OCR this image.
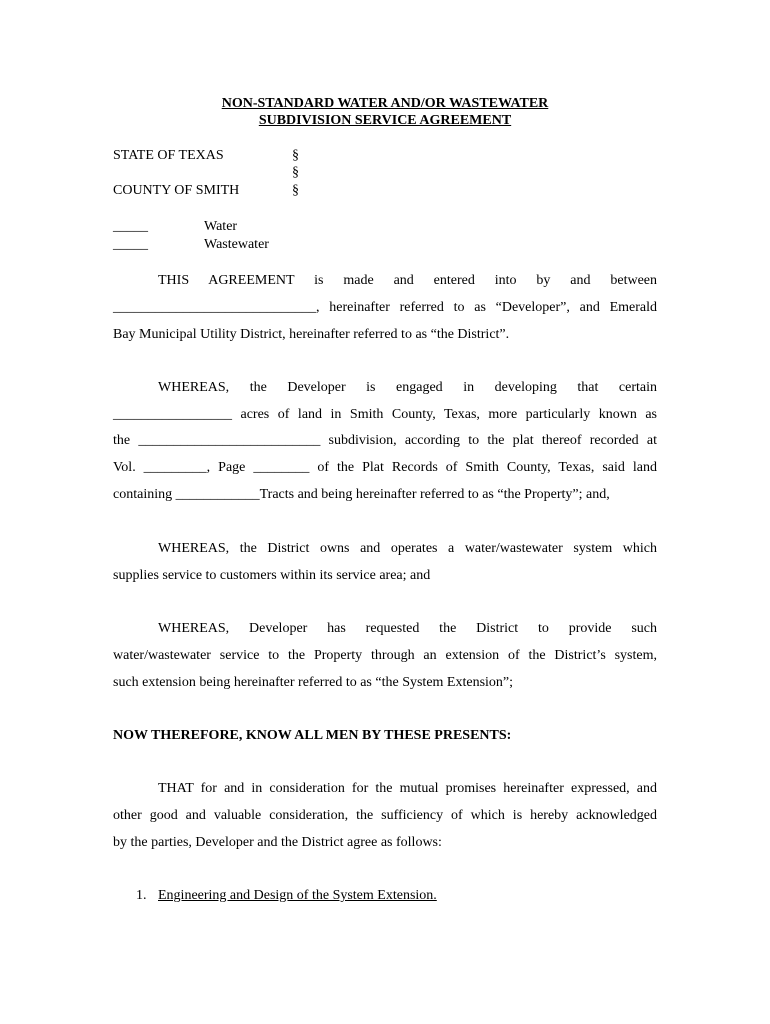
NON-STANDARD WATER AND/OR WASTEWATER
SUBDIVISION SERVICE AGREEMENT
STATE OF TEXAS	§
§
COUNTY OF SMITH	§
_____	Water
_____	Wastewater
THIS AGREEMENT is made and entered into by and between
_____________________________, hereinafter referred to as “Developer”, and Emerald
Bay Municipal Utility District, hereinafter referred to as “the District”.
WHEREAS, the Developer is engaged in developing that certain
_________________ acres of land in Smith County, Texas, more particularly known as
the __________________________ subdivision, according to the plat thereof recorded at
Vol. _________, Page ________ of the Plat Records of Smith County, Texas, said land
containing ____________Tracts and being hereinafter referred to as “the Property”; and,
WHEREAS, the District owns and operates a water/wastewater system which
supplies service to customers within its service area; and
WHEREAS, Developer has requested the District to provide such
water/wastewater service to the Property through an extension of the District’s system,
such extension being hereinafter referred to as “the System Extension”;
NOW THEREFORE, KNOW ALL MEN BY THESE PRESENTS:
THAT for and in consideration for the mutual promises hereinafter expressed, and
other good and valuable consideration, the sufficiency of which is hereby acknowledged
by the parties, Developer and the District agree as follows:
1. Engineering and Design of the System Extension.
